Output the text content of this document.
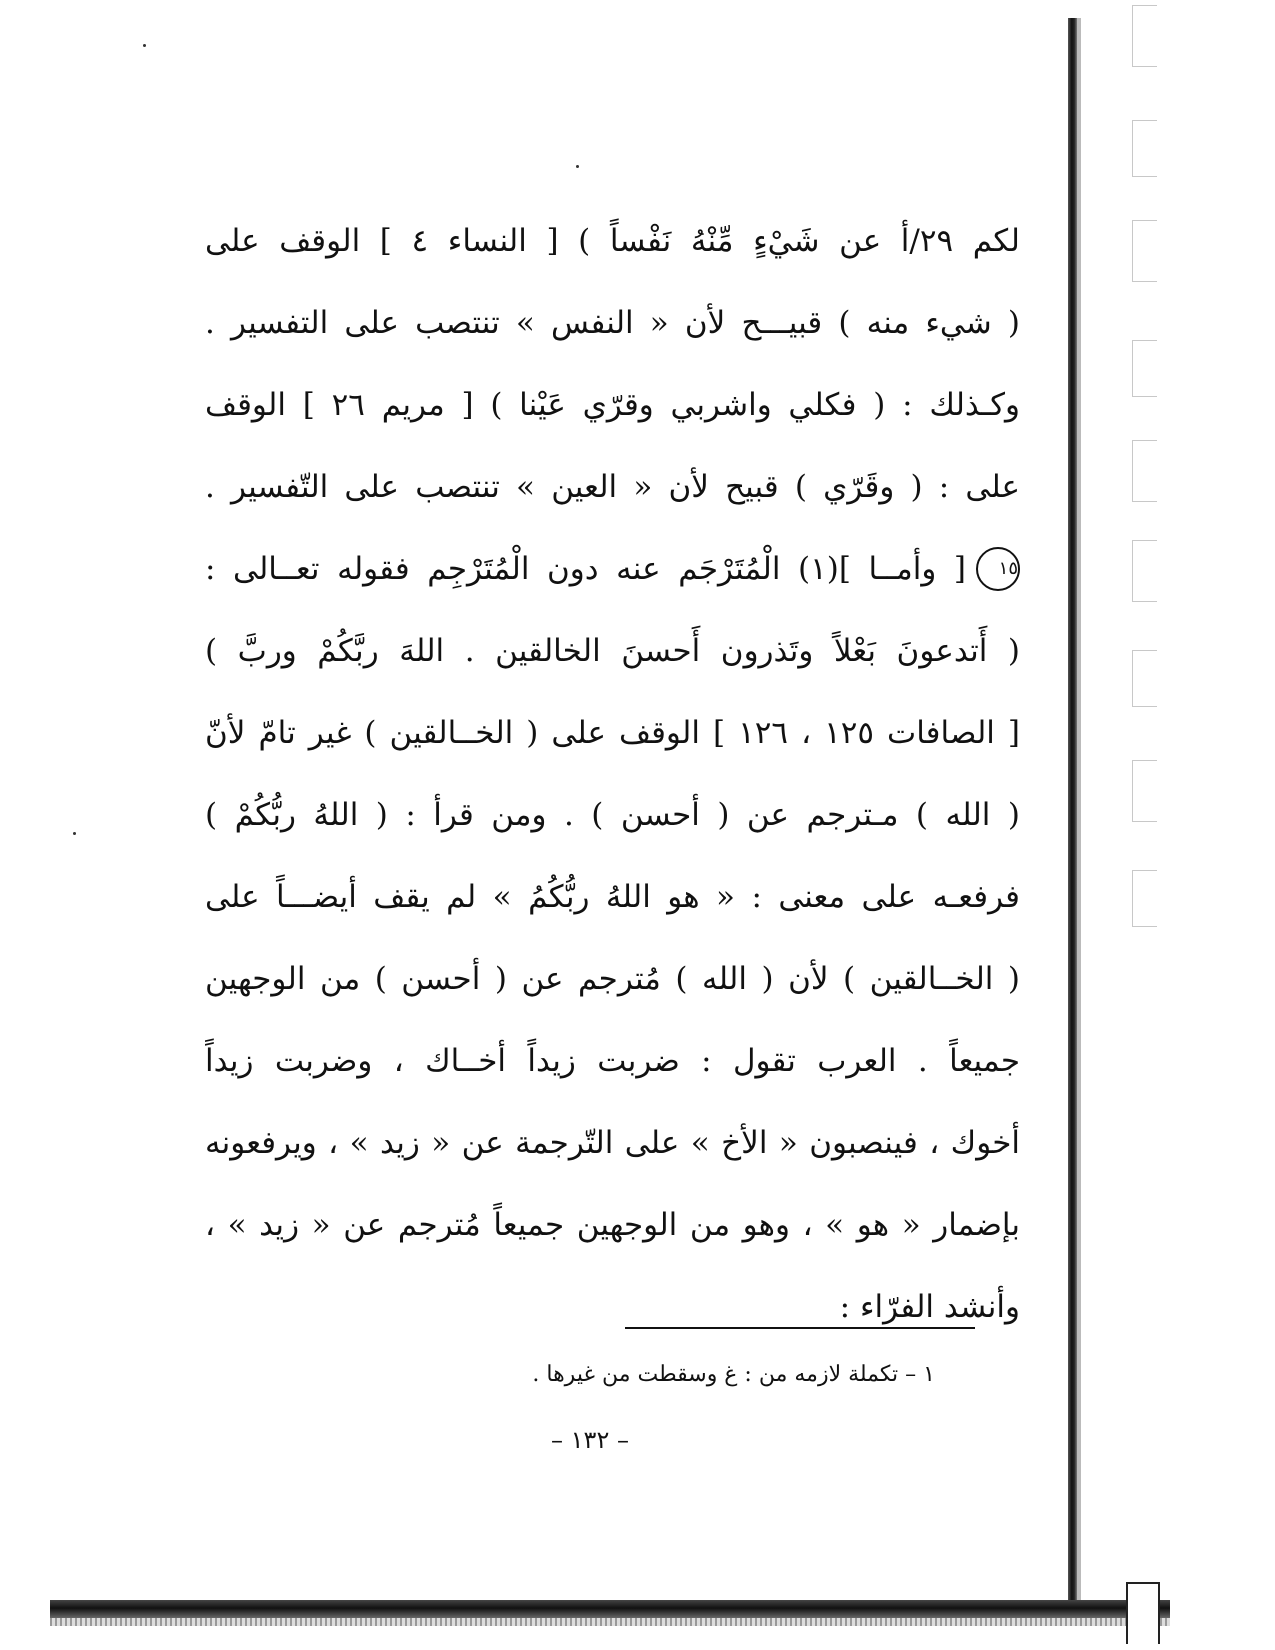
لكم ٢٩/أ عن شَيْءٍ مِّنْهُ نَفْساً ) [ النساء ٤ ] الوقف على
( شيء منه ) قبيـــح لأن « النفس » تنتصب على التفسير .
وكـذلك : ( فكلي واشربي وقرّي عَيْنا ) [ مريم ٢٦ ] الوقف
على : ( وقَرّي ) قبيح لأن « العين » تنتصب على التّفسير .
١٥
[ وأمــا ](١) الْمُتَرْجَم عنه دون الْمُتَرْجِم فقوله تعــالى :
( أَتدعونَ بَعْلاً وتَذرون أَحسنَ الخالقين . اللهَ ربَّكُمْ وربَّ )
[ الصافات ١٢٥ ، ١٢٦ ] الوقف على ( الخــالقين ) غير تامّ لأنّ
( الله ) مـترجم عن ( أحسن ) . ومن قرأ : ( اللهُ ربُّكُمْ )
فرفعـه على معنى : « هو اللهُ ربُّكُمُ » لم يقف أيضـــاً على
( الخــالقين ) لأن ( الله ) مُترجم عن ( أحسن ) من الوجهين
جميعاً . العرب تقول : ضربت زيداً أخــاك ، وضربت زيداً
أخوك ، فينصبون « الأخ » على التّرجمة عن « زيد » ، ويرفعونه
بإضمار « هو » ، وهو من الوجهين جميعاً مُترجم عن « زيد » ،
وأنشد الفرّاء :
١ – تكملة لازمه من : غ وسقطت من غيرها .
– ١٣٢ –
